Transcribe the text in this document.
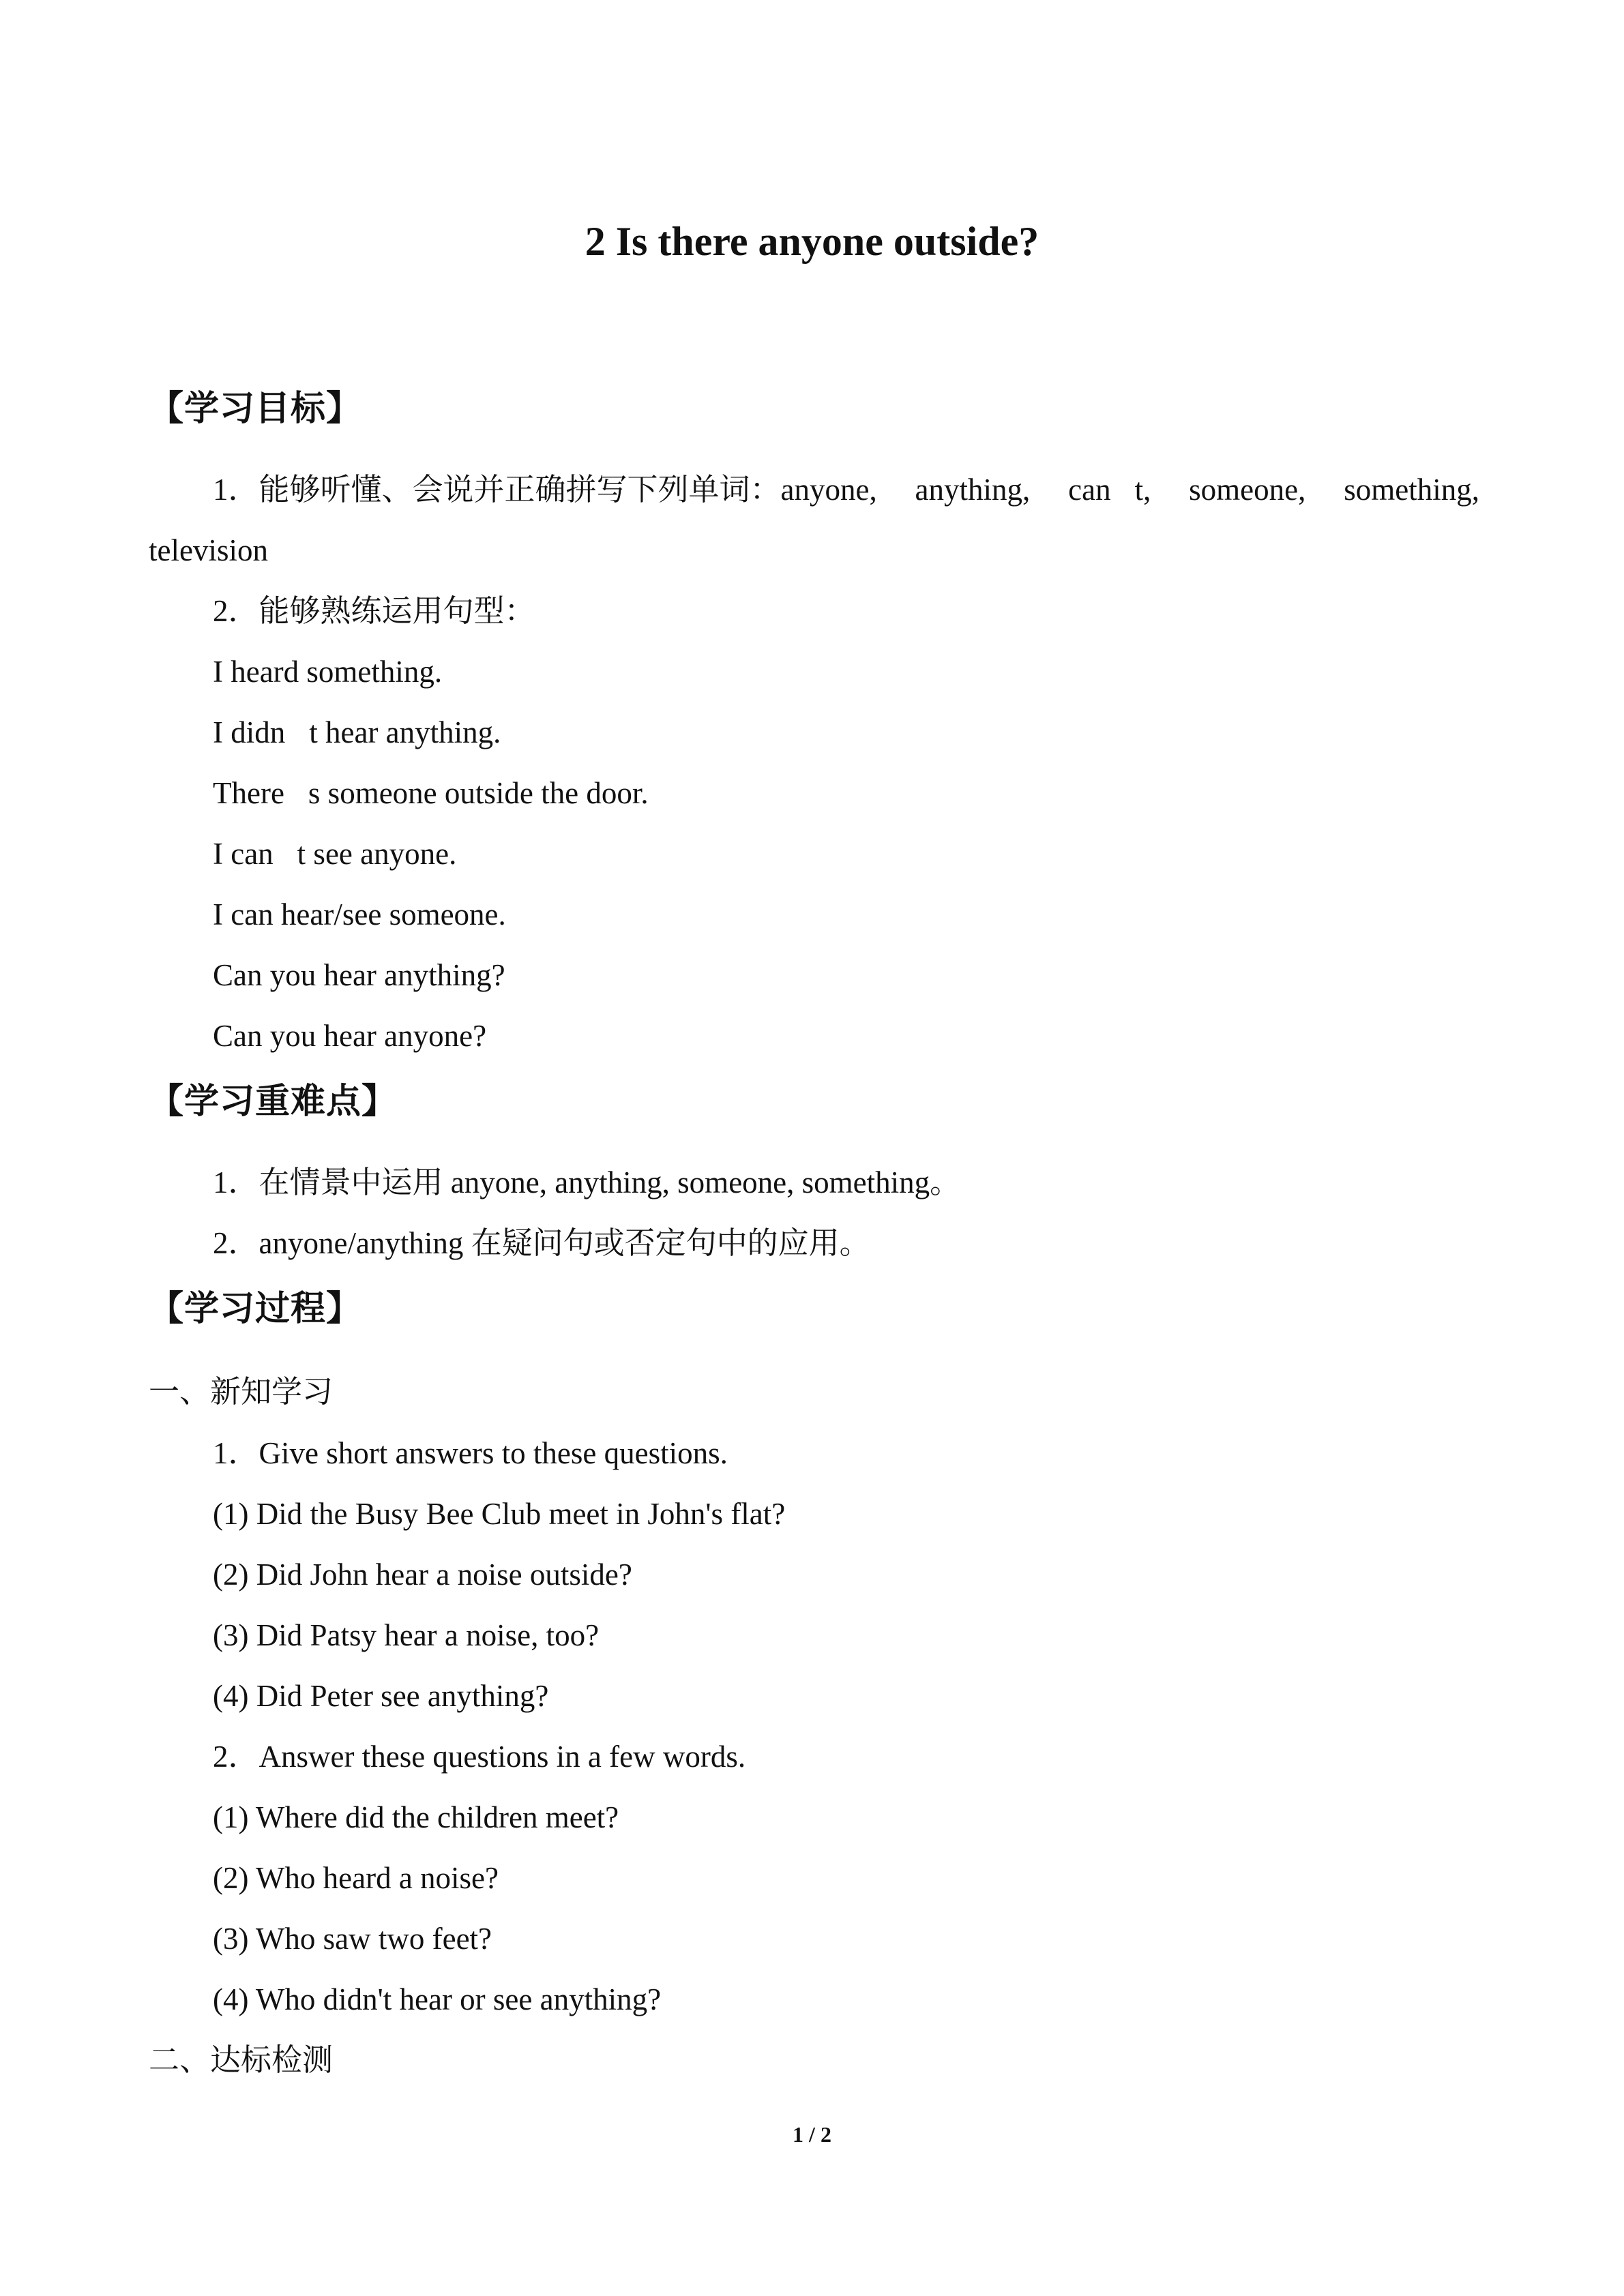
2 Is there anyone outside?
【学习目标】
1．能够听懂、会说并正确拼写下列单词：anyone, anything, can t, someone, something,
television
2．能够熟练运用句型：
I heard something.
I didn t hear anything.
There s someone outside the door.
I can t see anyone.
I can hear/see someone.
Can you hear anything?
Can you hear anyone?
【学习重难点】
1．在情景中运用 anyone, anything, someone, something。
2．anyone/anything 在疑问句或否定句中的应用。
【学习过程】
一、新知学习
1．Give short answers to these questions.
(1) Did the Busy Bee Club meet in John's flat?
(2) Did John hear a noise outside?
(3) Did Patsy hear a noise, too?
(4) Did Peter see anything?
2．Answer these questions in a few words.
(1) Where did the children meet?
(2) Who heard a noise?
(3) Who saw two feet?
(4) Who didn't hear or see anything?
二、达标检测
1 / 2
